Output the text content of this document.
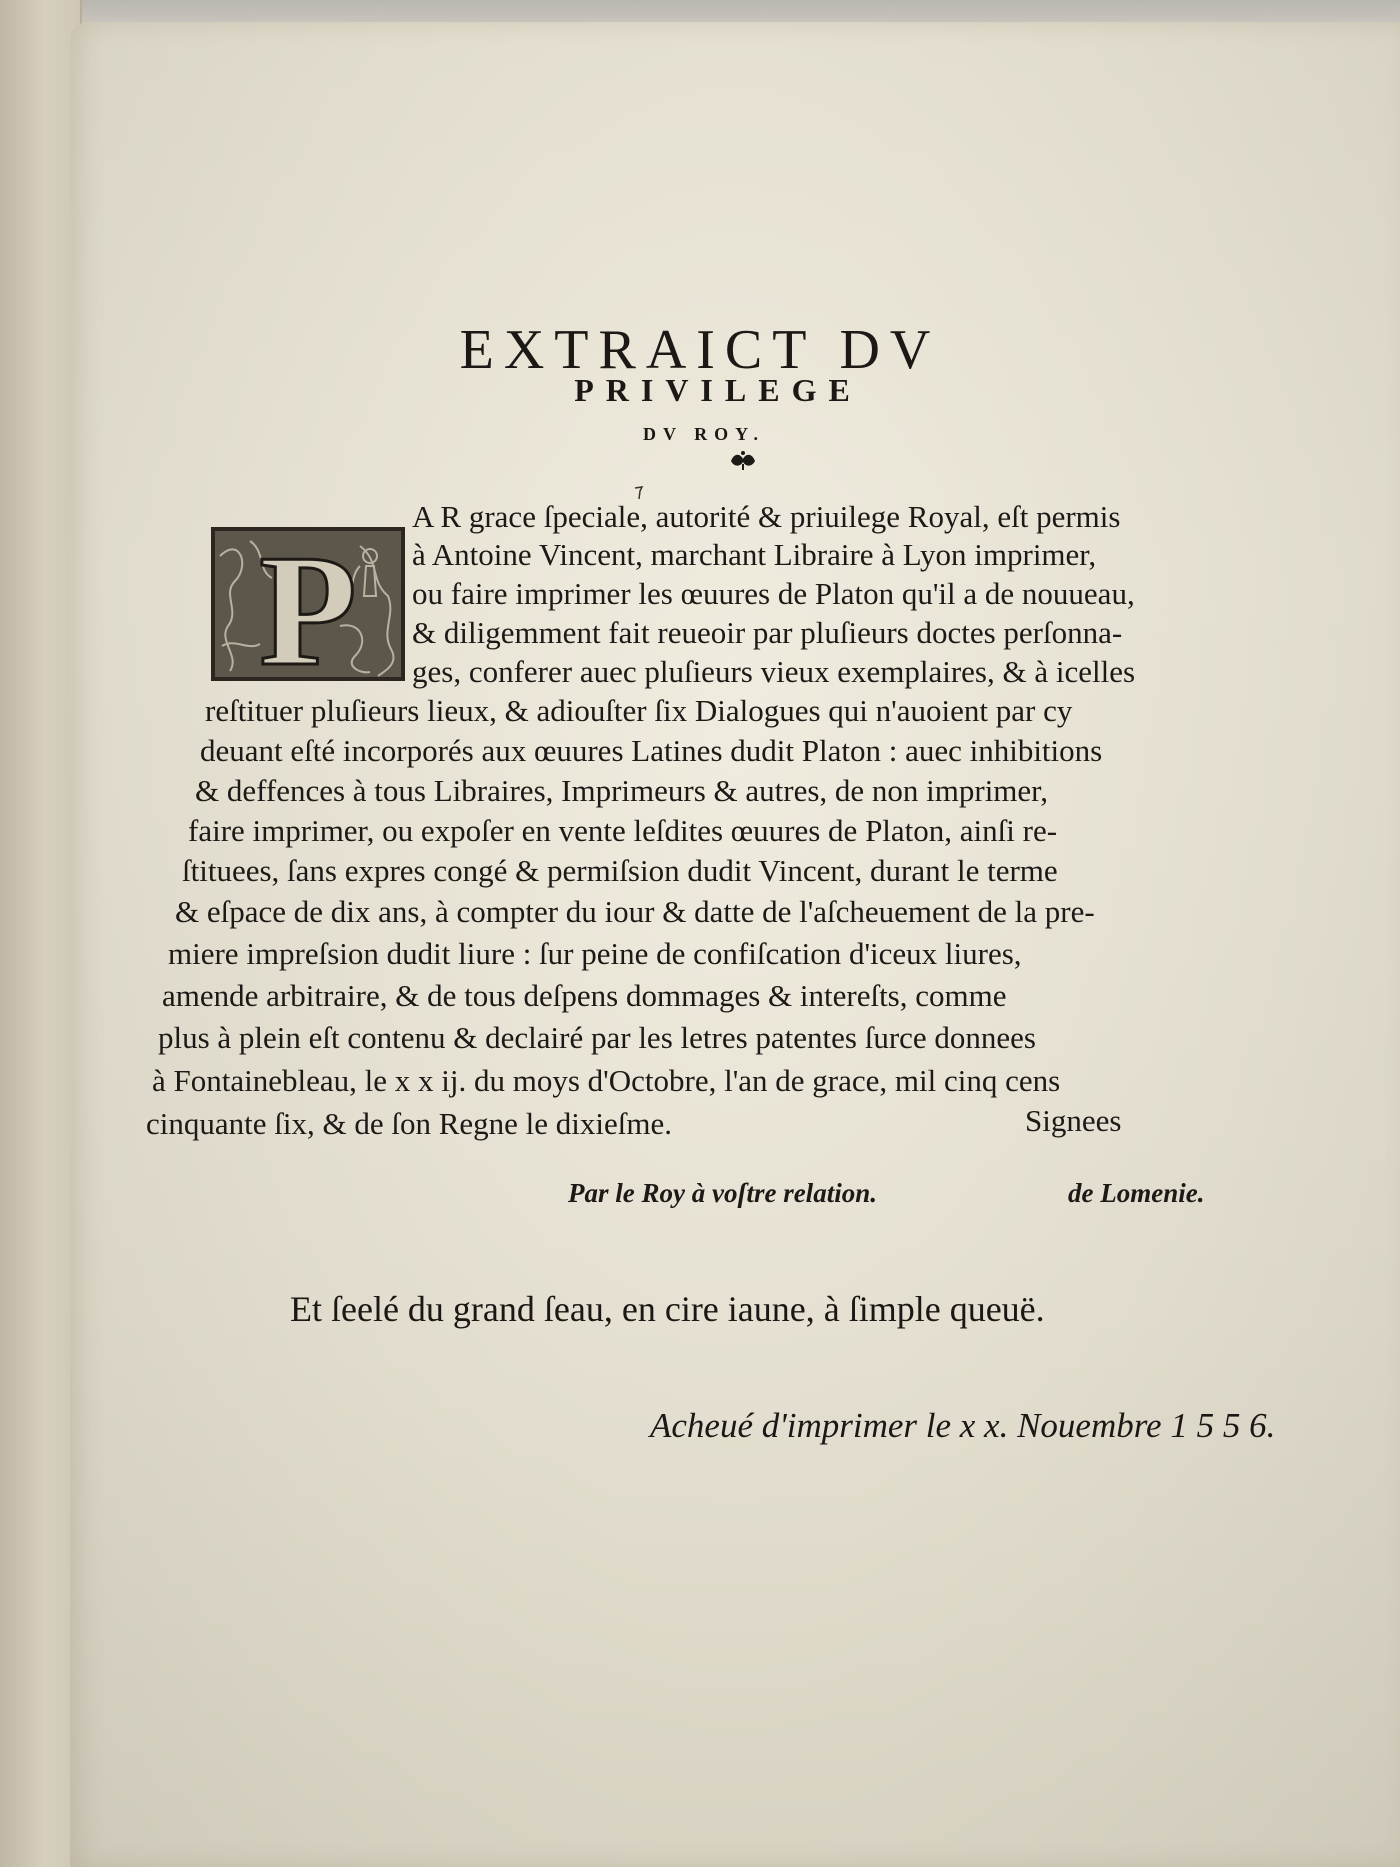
EXTRAICT DV
PRIVILEGE
DV ROY.
P
A R grace ſpeciale, autorité & priuilege Royal, eſt permis
à Antoine Vincent, marchant Libraire à Lyon imprimer,
ou faire imprimer les œuures de Platon qu'il a de nouueau,
& diligemment fait reueoir par pluſieurs doctes perſonna-
ges, conferer auec pluſieurs vieux exemplaires, & à icelles
reſtituer pluſieurs lieux, & adiouſter ſix Dialogues qui n'auoient par cy
deuant eſté incorporés aux œuures Latines dudit Platon : auec inhibitions
& deffences à tous Libraires, Imprimeurs & autres, de non imprimer,
faire imprimer, ou expoſer en vente leſdites œuures de Platon, ainſi re-
ſtituees, ſans expres congé & permiſsion dudit Vincent, durant le terme
& eſpace de dix ans, à compter du iour & datte de l'aſcheuement de la pre-
miere impreſsion dudit liure : ſur peine de confiſcation d'iceux liures,
amende arbitraire, & de tous deſpens dommages & intereſts, comme
plus à plein eſt contenu & declairé par les letres patentes ſurce donnees
à Fontainebleau, le x x ij. du moys d'Octobre, l'an de grace, mil cinq cens
cinquante ſix, & de ſon Regne le dixieſme.	Signees
Par le Roy à voſtre relation.	de Lomenie.
Et ſeelé du grand ſeau, en cire iaune, à ſimple queuë.
Acheué d'imprimer le x x. Nouembre 1 5 5 6.
